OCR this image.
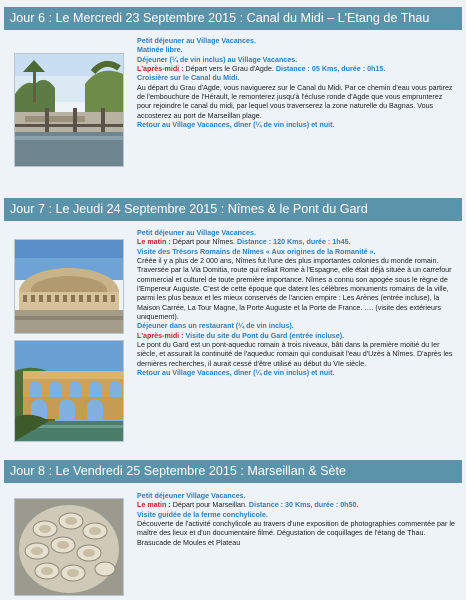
Jour 6 : Le Mercredi 23 Septembre 2015 : Canal du Midi – L'Etang de Thau

Petit déjeuner au Village Vacances.

Matinée libre.

Déjeuner (¼ de vin inclus) au Village Vacances.

L'après-midi : Départ vers le Grau d'Agde. Distance : 05 Kms, durée : 0h15.

Croisière sur le Canal du Midi.

Au départ du Grau d'Agde, vous naviguerez sur le Canal du Midi. Par ce chemin d'eau vous partirez de l'embouchure de l'Hérault, le remonterez jusqu'à l'écluse ronde d'Agde que vous emprunterez pour rejoindre le canal du midi, par lequel vous traverserez la zone naturelle du Bagnas. Vous accosterez au port de Marseillan plage.

Retour au Village Vacances, dîner (¼ de vin inclus) et nuit.

Jour 7 : Le Jeudi 24 Septembre 2015 : Nîmes & le Pont du Gard

Petit déjeuner au Village Vacances.

Le matin : Départ pour Nîmes. Distance : 120 Kms, durée : 1h45.

Visite des Trésors Romains de Nîmes « Aux origines de la Romanité ».

Créée il y a plus de 2 000 ans, Nîmes fut l'une des plus importantes colonies du monde romain. Traversée par la Via Domitia, route qui reliait Rome à l'Espagne, elle était déjà située à un carrefour commercial et culturel de toute première importance. Nîmes a connu son apogée sous le règne de l'Empereur Auguste. C'est de cette époque que datent les célèbres monuments romains de la ville, parmi les plus beaux et les mieux conservés de l'ancien empire : Les Arènes (entrée incluse), la Maison Carrée, La Tour Magne, la Porte Auguste et la Porte de France. …. (visite des extérieurs uniquement).

Déjeuner dans un restaurant (¼ de vin inclus).

L'après-midi : Visite du site du Pont du Gard (entrée incluse).

Le pont du Gard est un pont-aqueduc romain à trois niveaux, bâti dans la première moitié du Ier siècle, et assurait la continuité de l'aqueduc romain qui conduisait l'eau d'Uzès à Nîmes. D'après les dernières recherches, il aurait cessé d'être utilisé au début du VIe siècle.

Retour au Village Vacances, dîner (¼ de vin inclus) et nuit.

Jour 8 : Le Vendredi 25 Septembre 2015 : Marseillan & Sète

Petit déjeuner Village Vacances.

Le matin : Départ pour Marseillan. Distance : 30 Kms, durée : 0h50.

Visite guidée de la ferme conchylicole.

Découverte de l'activité conchylicole au travers d'une exposition de photographies commentée par le maître des lieux et d'un documentaire filmé. Dégustation de coquillages de l'étang de Thau. Brasucade de Moules et Plateau
